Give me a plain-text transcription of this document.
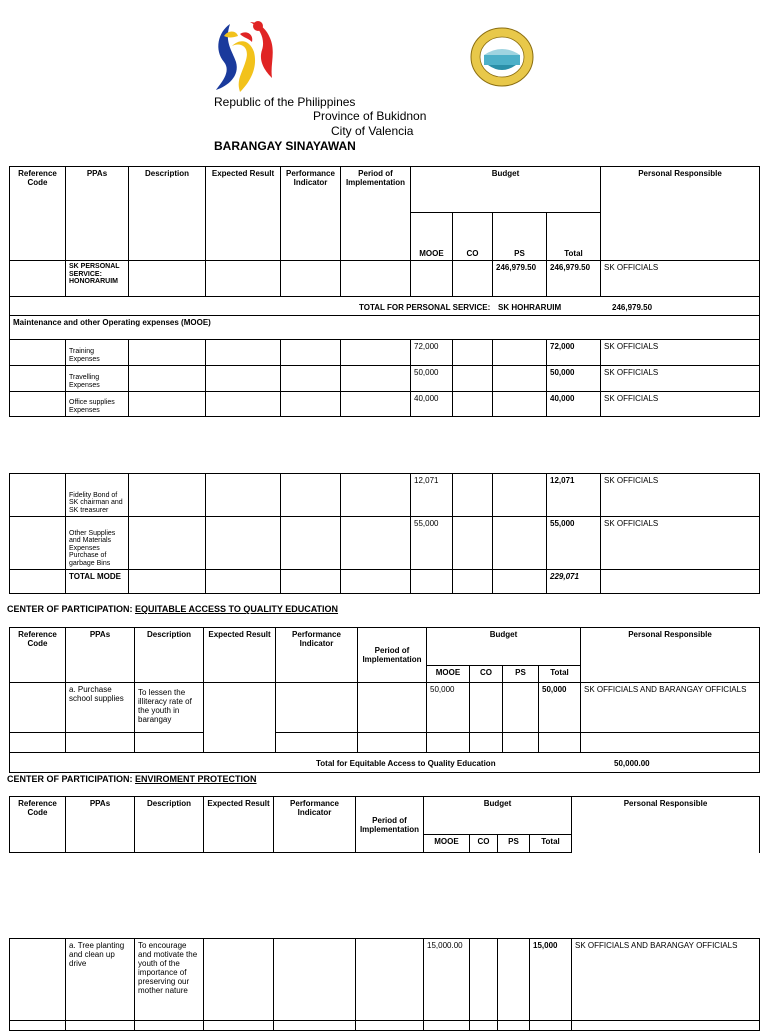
Republic of the Philippines
Province of Bukidnon
City of Valencia
BARANGAY SINAYAWAN
Reference Code	PPAs	Description	Expected Result	Performance Indicator	Period of Implementation	Budget				Personal Responsible
						MOOE	CO	PS	Total	
	SK PERSONAL SERVICE: HONORARUIM							246,979.50	246,979.50	SK OFFICIALS

TOTAL FOR PERSONAL SERVICE: SK HOHRARUIM 246,979.50										

Maintenance and other Operating expenses (MOOE)										
	Training Expenses					72,000			72,000	SK OFFICIALS
	Travelling Expenses					50,000			50,000	SK OFFICIALS
	Office supplies Expenses					40,000			40,000	SK OFFICIALS
	Fidelity Bond of SK chairman and SK treasurer					12,071			12,071	SK OFFICIALS
	Other Supplies and Materials Expenses Purchase of garbage Bins					55,000			55,000	SK OFFICIALS
	TOTAL MODE								229,071	
CENTER OF PARTICIPATION: EQUITABLE ACCESS TO QUALITY EDUCATION
Reference Code	PPAs	Description	Expected Result	Performance Indicator	Period of Implementation	Budget				Personal Responsible
						MOOE	CO	PS	Total	
	a. Purchase school supplies	To lessen the illiteracy rate of the youth in barangay				50,000			50,000	SK OFFICIALS AND BARANGAY OFFICIALS

Total for Equitable Access to Quality Education 50,000.00										
CENTER OF PARTICIPATION: ENVIROMENT PROTECTION
Reference Code	PPAs	Description	Expected Result	Performance Indicator	Period of Implementation	Budget				Personal Responsible
						MOOE	CO	PS	Total	
	a. Tree planting and clean up drive	To encourage and motivate the youth of the importance of preserving our mother nature				15,000.00			15,000	SK OFFICIALS AND BARANGAY OFFICIALS
